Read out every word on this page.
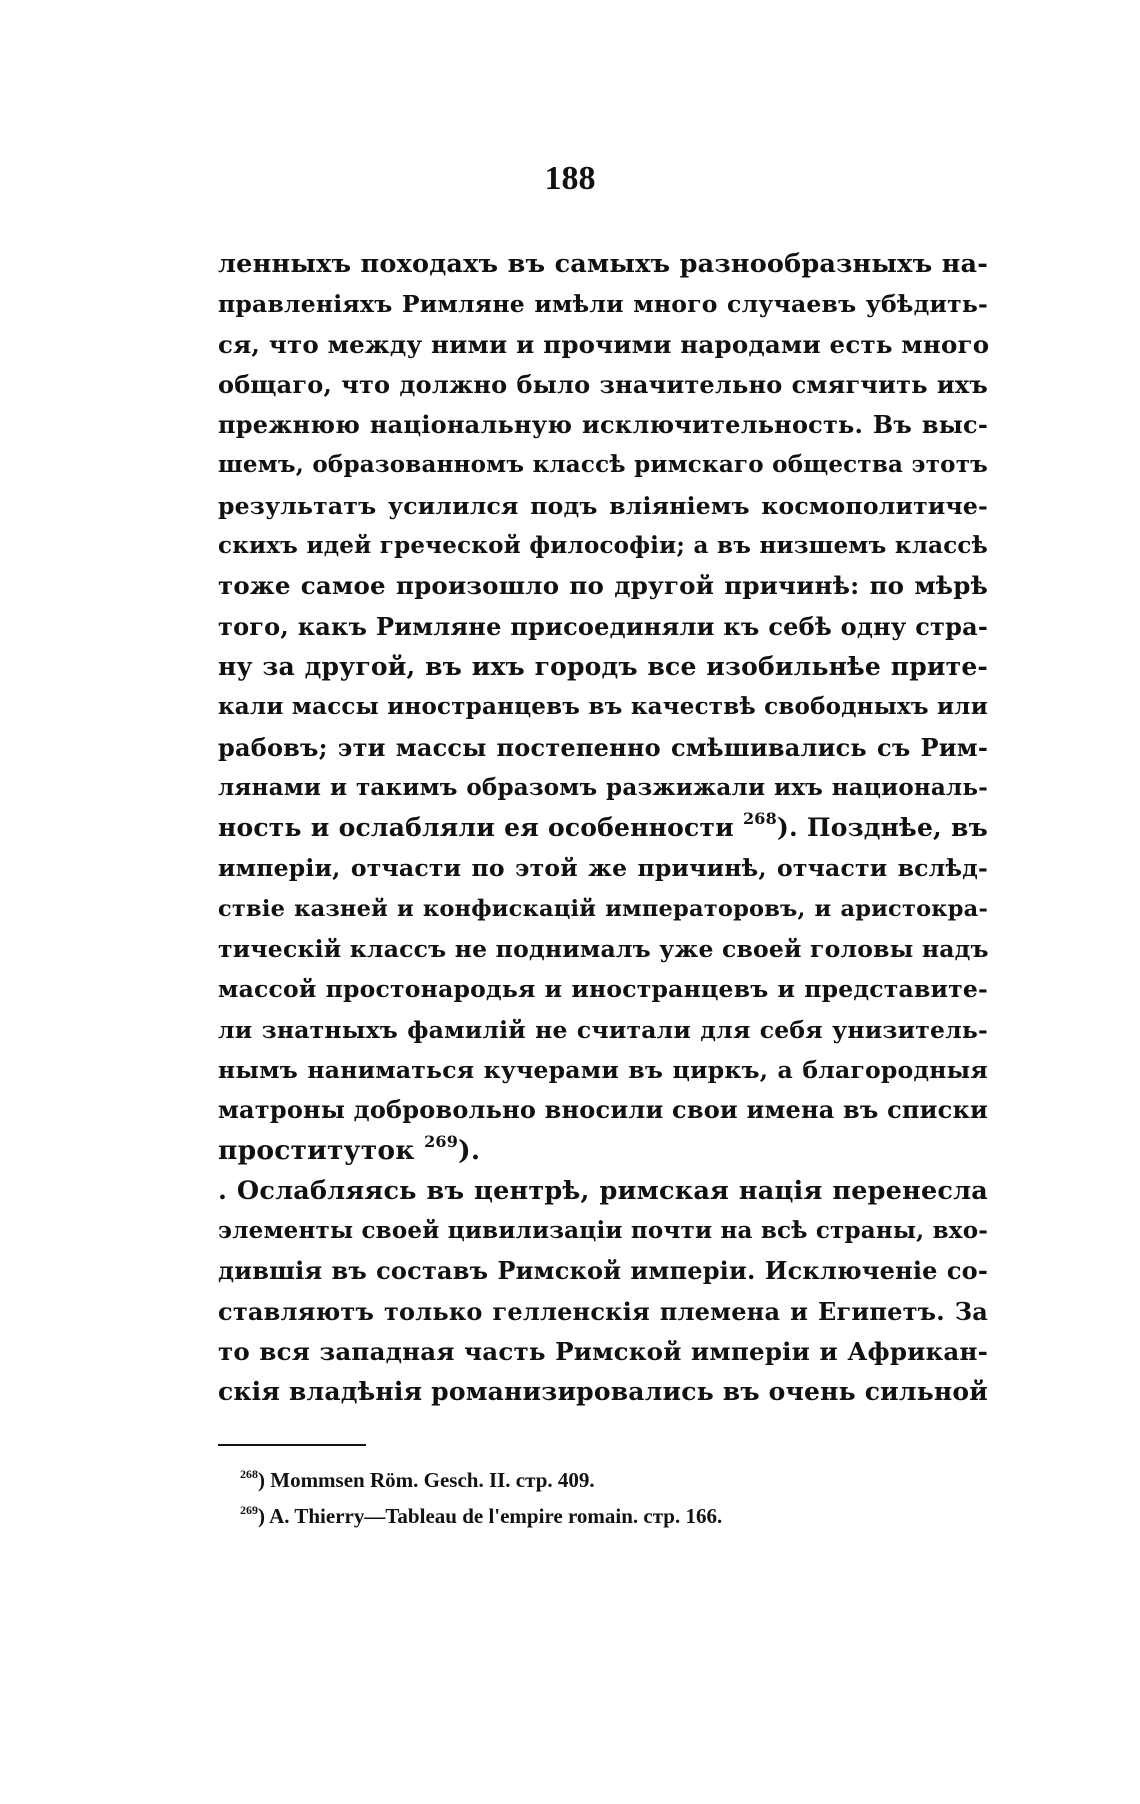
188
ленныхъ походахъ въ самыхъ разнообразныхъ на-
правленіяхъ Римляне имѣли много случаевъ убѣдить-
ся, что между ними и прочими народами есть много
общаго, что должно было значительно смягчить ихъ
прежнюю національную исключительность. Въ выс-
шемъ, образованномъ классѣ римскаго общества этотъ
результатъ усилился подъ вліяніемъ космополитиче-
скихъ идей греческой философіи; а въ низшемъ классѣ
тоже самое произошло по другой причинѣ: по мѣрѣ
того, какъ Римляне присоединяли къ себѣ одну стра-
ну за другой, въ ихъ городъ все изобильнѣе прите-
кали массы иностранцевъ въ качествѣ свободныхъ или
рабовъ; эти массы постепенно смѣшивались съ Рим-
лянами и такимъ образомъ разжижали ихъ националь-
ность и ослабляли ея особенности $^{268}$). Позднѣе, въ
имперіи, отчасти по этой же причинѣ, отчасти вслѣд-
ствіе казней и конфискацій императоровъ, и аристокра-
тическій классъ не поднималъ уже своей головы надъ
массой простонародья и иностранцевъ и представите-
ли знатныхъ фамилій не считали для себя унизитель-
нымъ наниматься кучерами въ циркъ, а благородныя
матроны добровольно вносили свои имена въ списки
проституток $^{269}$).
. Ослабляясь въ центрѣ, римская нація перенесла
элементы своей цивилизаціи почти на всѣ страны, вхо-
дившія въ составъ Римской имперіи. Исключеніе со-
ставляютъ только гелленскія племена и Египетъ. За
то вся западная часть Римской имперіи и Африкан-
скія владѣнія романизировались въ очень сильной
$^{268}$) Mommsen Röm. Gesch. II. стр. 409.
$^{269}$) A. Thierry—Tableau de l'empire romain. стр. 166.
